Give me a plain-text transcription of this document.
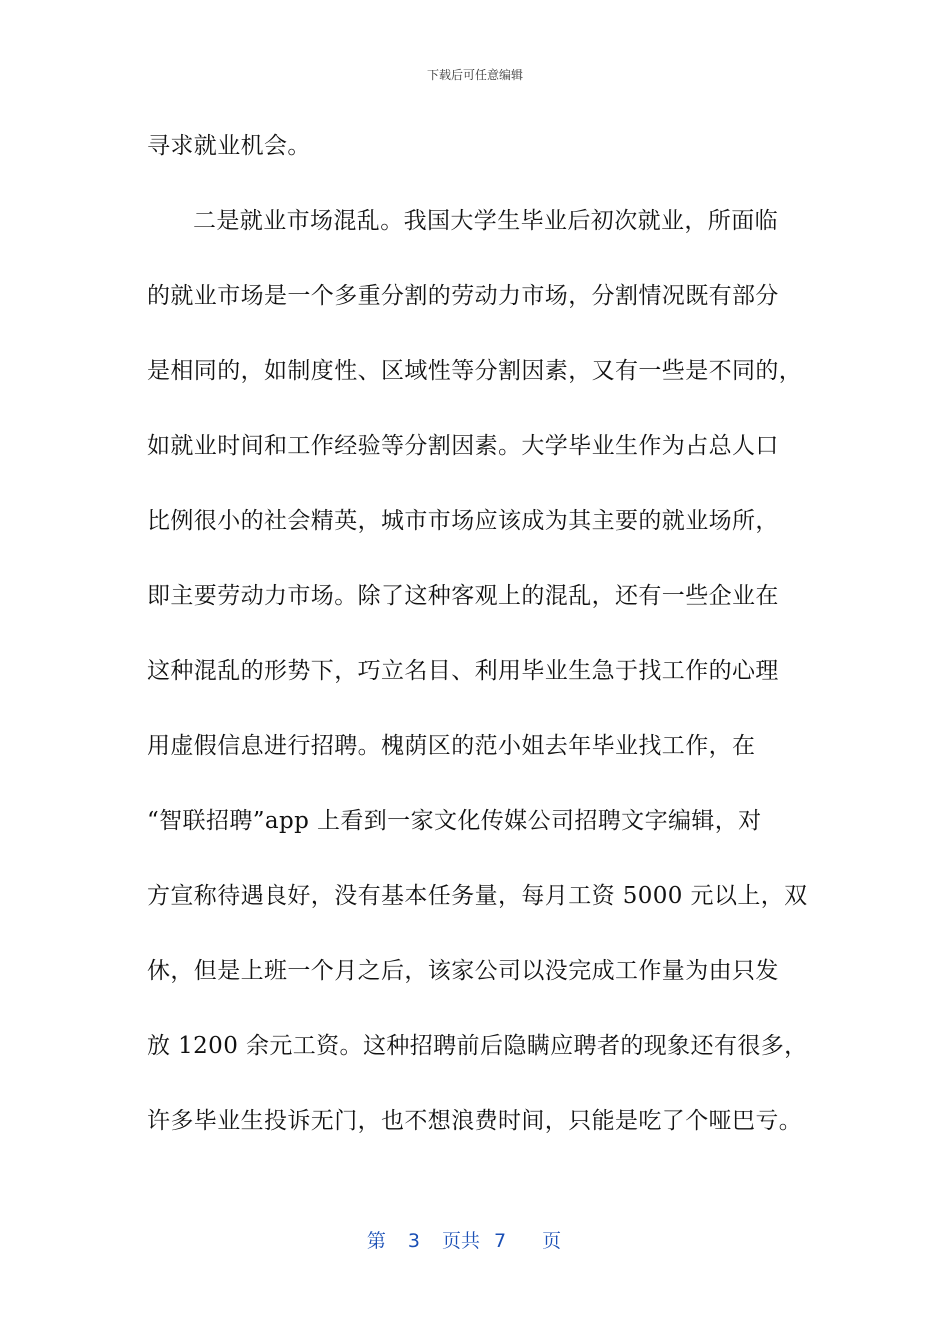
下载后可任意编辑
寻求就业机会。
二是就业市场混乱。我国大学生毕业后初次就业，所面临
的就业市场是一个多重分割的劳动力市场，分割情况既有部分
是相同的，如制度性、区域性等分割因素，又有一些是不同的，
如就业时间和工作经验等分割因素。大学毕业生作为占总人口
比例很小的社会精英，城市市场应该成为其主要的就业场所，
即主要劳动力市场。除了这种客观上的混乱，还有一些企业在
这种混乱的形势下，巧立名目、利用毕业生急于找工作的心理
用虚假信息进行招聘。槐荫区的范小姐去年毕业找工作，在
“智联招聘”app 上看到一家文化传媒公司招聘文字编辑，对
方宣称待遇良好，没有基本任务量，每月工资 5000 元以上，双
休，但是上班一个月之后，该家公司以没完成工作量为由只发
放 1200 余元工资。这种招聘前后隐瞒应聘者的现象还有很多，
许多毕业生投诉无门，也不想浪费时间，只能是吃了个哑巴亏。
第 3 页共 7 页
